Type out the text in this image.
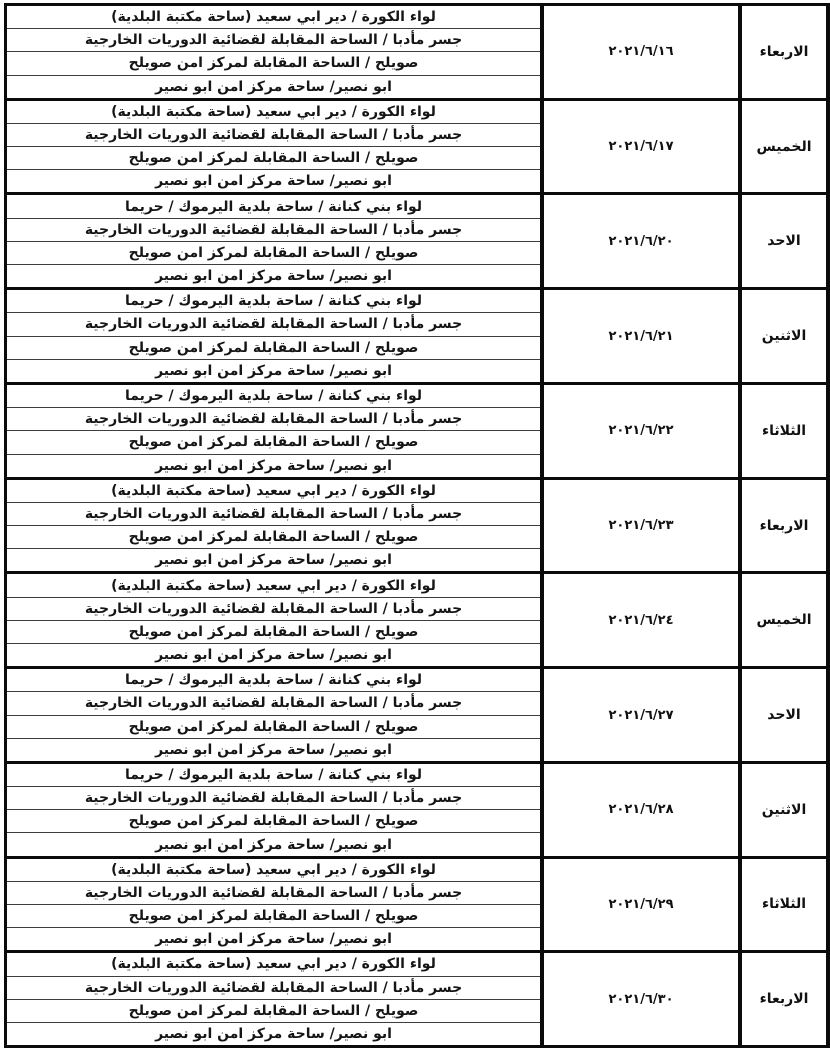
الاربعاء
٢٠٢١/٦/١٦
لواء الكورة / دير ابي سعيد (ساحة مكتبة البلدية)
جسر مأدبا / الساحة المقابلة لقضائية الدوريات الخارجية
صويلح / الساحة المقابلة لمركز امن صويلح
ابو نصير/ ساحة مركز امن ابو نصير
الخميس
٢٠٢١/٦/١٧
لواء الكورة / دير ابي سعيد (ساحة مكتبة البلدية)
جسر مأدبا / الساحة المقابلة لقضائية الدوريات الخارجية
صويلح / الساحة المقابلة لمركز امن صويلح
ابو نصير/ ساحة مركز امن ابو نصير
الاحد
٢٠٢١/٦/٢٠
لواء بني كنانة / ساحة بلدية اليرموك / حريما
جسر مأدبا / الساحة المقابلة لقضائية الدوريات الخارجية
صويلح / الساحة المقابلة لمركز امن صويلح
ابو نصير/ ساحة مركز امن ابو نصير
الاثنين
٢٠٢١/٦/٢١
لواء بني كنانة / ساحة بلدية اليرموك / حريما
جسر مأدبا / الساحة المقابلة لقضائية الدوريات الخارجية
صويلح / الساحة المقابلة لمركز امن صويلح
ابو نصير/ ساحة مركز امن ابو نصير
الثلاثاء
٢٠٢١/٦/٢٢
لواء بني كنانة / ساحة بلدية اليرموك / حريما
جسر مأدبا / الساحة المقابلة لقضائية الدوريات الخارجية
صويلح / الساحة المقابلة لمركز امن صويلح
ابو نصير/ ساحة مركز امن ابو نصير
الاربعاء
٢٠٢١/٦/٢٣
لواء الكورة / دير ابي سعيد (ساحة مكتبة البلدية)
جسر مأدبا / الساحة المقابلة لقضائية الدوريات الخارجية
صويلح / الساحة المقابلة لمركز امن صويلح
ابو نصير/ ساحة مركز امن ابو نصير
الخميس
٢٠٢١/٦/٢٤
لواء الكورة / دير ابي سعيد (ساحة مكتبة البلدية)
جسر مأدبا / الساحة المقابلة لقضائية الدوريات الخارجية
صويلح / الساحة المقابلة لمركز امن صويلح
ابو نصير/ ساحة مركز امن ابو نصير
الاحد
٢٠٢١/٦/٢٧
لواء بني كنانة / ساحة بلدية اليرموك / حريما
جسر مأدبا / الساحة المقابلة لقضائية الدوريات الخارجية
صويلح / الساحة المقابلة لمركز امن صويلح
ابو نصير/ ساحة مركز امن ابو نصير
الاثنين
٢٠٢١/٦/٢٨
لواء بني كنانة / ساحة بلدية اليرموك / حريما
جسر مأدبا / الساحة المقابلة لقضائية الدوريات الخارجية
صويلح / الساحة المقابلة لمركز امن صويلح
ابو نصير/ ساحة مركز امن ابو نصير
الثلاثاء
٢٠٢١/٦/٢٩
لواء الكورة / دير ابي سعيد (ساحة مكتبة البلدية)
جسر مأدبا / الساحة المقابلة لقضائية الدوريات الخارجية
صويلح / الساحة المقابلة لمركز امن صويلح
ابو نصير/ ساحة مركز امن ابو نصير
الاربعاء
٢٠٢١/٦/٣٠
لواء الكورة / دير ابي سعيد (ساحة مكتبة البلدية)
جسر مأدبا / الساحة المقابلة لقضائية الدوريات الخارجية
صويلح / الساحة المقابلة لمركز امن صويلح
ابو نصير/ ساحة مركز امن ابو نصير
